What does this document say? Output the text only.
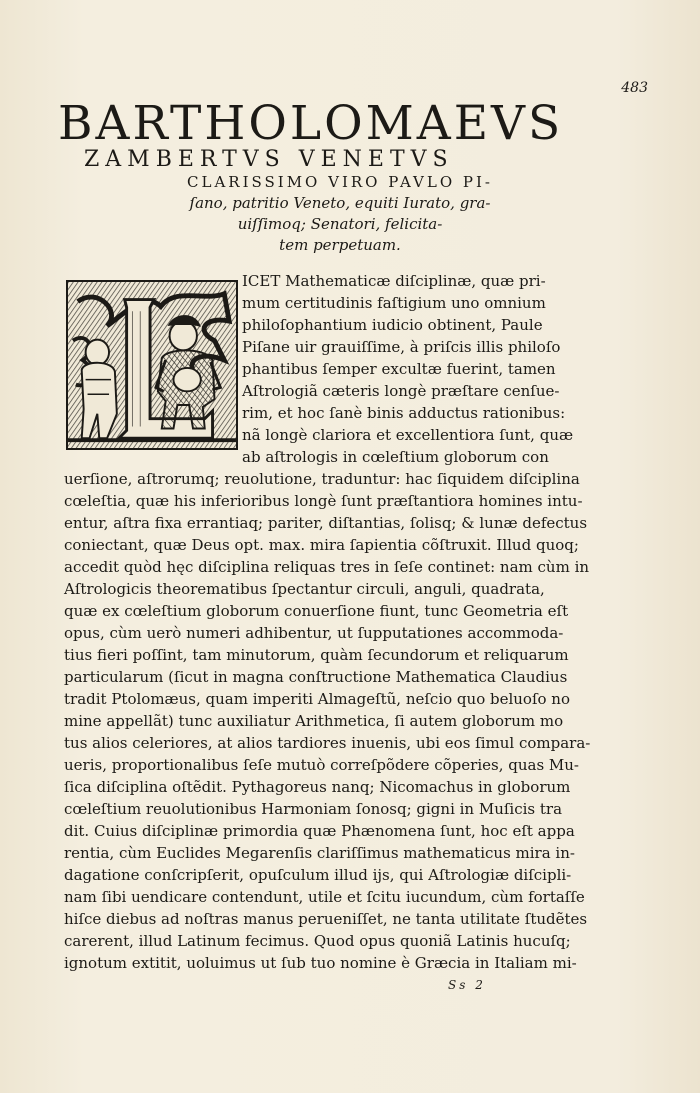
483
BARTHOLOMAEVS
ZAMBERTVS VENETVS
CLARISSIMO VIRO PAVLO PI-
ſano, patritio Veneto, equiti Iurato, gra-
uiſſimoq; Senatori, felicita-
tem perpetuam.
ICET Mathematicæ diſciplinæ, quæ pri-
mum certitudinis faſtigium uno omnium
philoſophantium iudicio obtinent, Paule
Piſane uir grauiſſime, à priſcis illis philoſo
phantibus ſemper excultæ fuerint, tamen
Aſtrologiã cæteris longè præſtare cenſue-
rim, et hoc ſanè binis adductus rationibus:
nã longè clariora et excellentiora ſunt, quæ
ab aſtrologis in cœleſtium globorum con
uerſione, aſtrorumq; reuolutione, traduntur: hac ſiquidem diſciplina
cœleſtia, quæ his inferioribus longè ſunt præſtantiora homines intu-
entur, aſtra fixa errantiaq; pariter, diſtantias, ſolisq; & lunæ defectus
coniectant, quæ Deus opt. max. mira ſapientia cõſtruxit. Illud quoq;
accedit quòd hęc diſciplina reliquas tres in ſeſe continet: nam cùm in
Aſtrologicis theorematibus ſpectantur circuli, anguli, quadrata,
quæ ex cœleſtium globorum conuerſione fiunt, tunc Geometria eſt
opus, cùm uerò numeri adhibentur, ut ſupputationes accommoda-
tius fieri poſſint, tam minutorum, quàm ſecundorum et reliquarum
particularum (ſicut in magna conſtructione Mathematica Claudius
tradit Ptolomæus, quam imperiti Almageſtũ, neſcio quo beluoſo no
mine appellãt) tunc auxiliatur Arithmetica, ſi autem globorum mo
tus alios celeriores, at alios tardiores inuenis, ubi eos ſimul compara-
ueris, proportionalibus ſeſe mutuò correſpõdere cõperies, quas Mu-
ſica diſciplina oſtẽdit. Pythagoreus nanq; Nicomachus in globorum
cœleſtium reuolutionibus Harmoniam ſonosq; gigni in Muſicis tra
dit. Cuius diſciplinæ primordia quæ Phænomena ſunt, hoc eſt appa
rentia, cùm Euclides Megarenſis clariſſimus mathematicus mira in-
dagatione conſcripſerit, opuſculum illud ijs, qui Aſtrologiæ diſcipli-
nam ſibi uendicare contendunt, utile et ſcitu iucundum, cùm fortaſſe
hiſce diebus ad noſtras manus perueniſſet, ne tanta utilitate ſtudẽtes
carerent, illud Latinum fecimus. Quod opus quoniã Latinis hucuſq;
ignotum extitit, uoluimus ut ſub tuo nomine è Græcia in Italiam mi-
Ss 2
